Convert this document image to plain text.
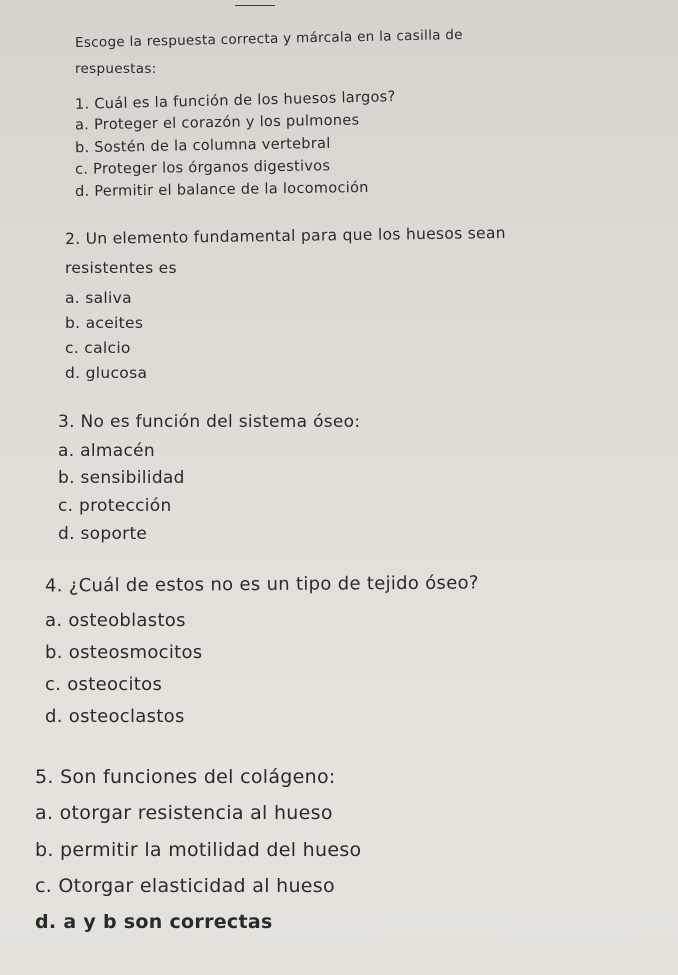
Escoge la respuesta correcta y márcala en la casilla de
respuestas:
1. Cuál es la función de los huesos largos?
a. Proteger el corazón y los pulmones
b. Sostén de la columna vertebral
c. Proteger los órganos digestivos
d. Permitir el balance de la locomoción
2. Un elemento fundamental para que los huesos sean
resistentes es
a. saliva
b. aceites
c. calcio
d. glucosa
3. No es función del sistema óseo:
a. almacén
b. sensibilidad
c. protección
d. soporte
4. ¿Cuál de estos no es un tipo de tejido óseo?
a. osteoblastos
b. osteosmocitos
c. osteocitos
d. osteoclastos
5. Son funciones del colágeno:
a. otorgar resistencia al hueso
b. permitir la motilidad del hueso
c. Otorgar elasticidad al hueso
d. a y b son correctas
